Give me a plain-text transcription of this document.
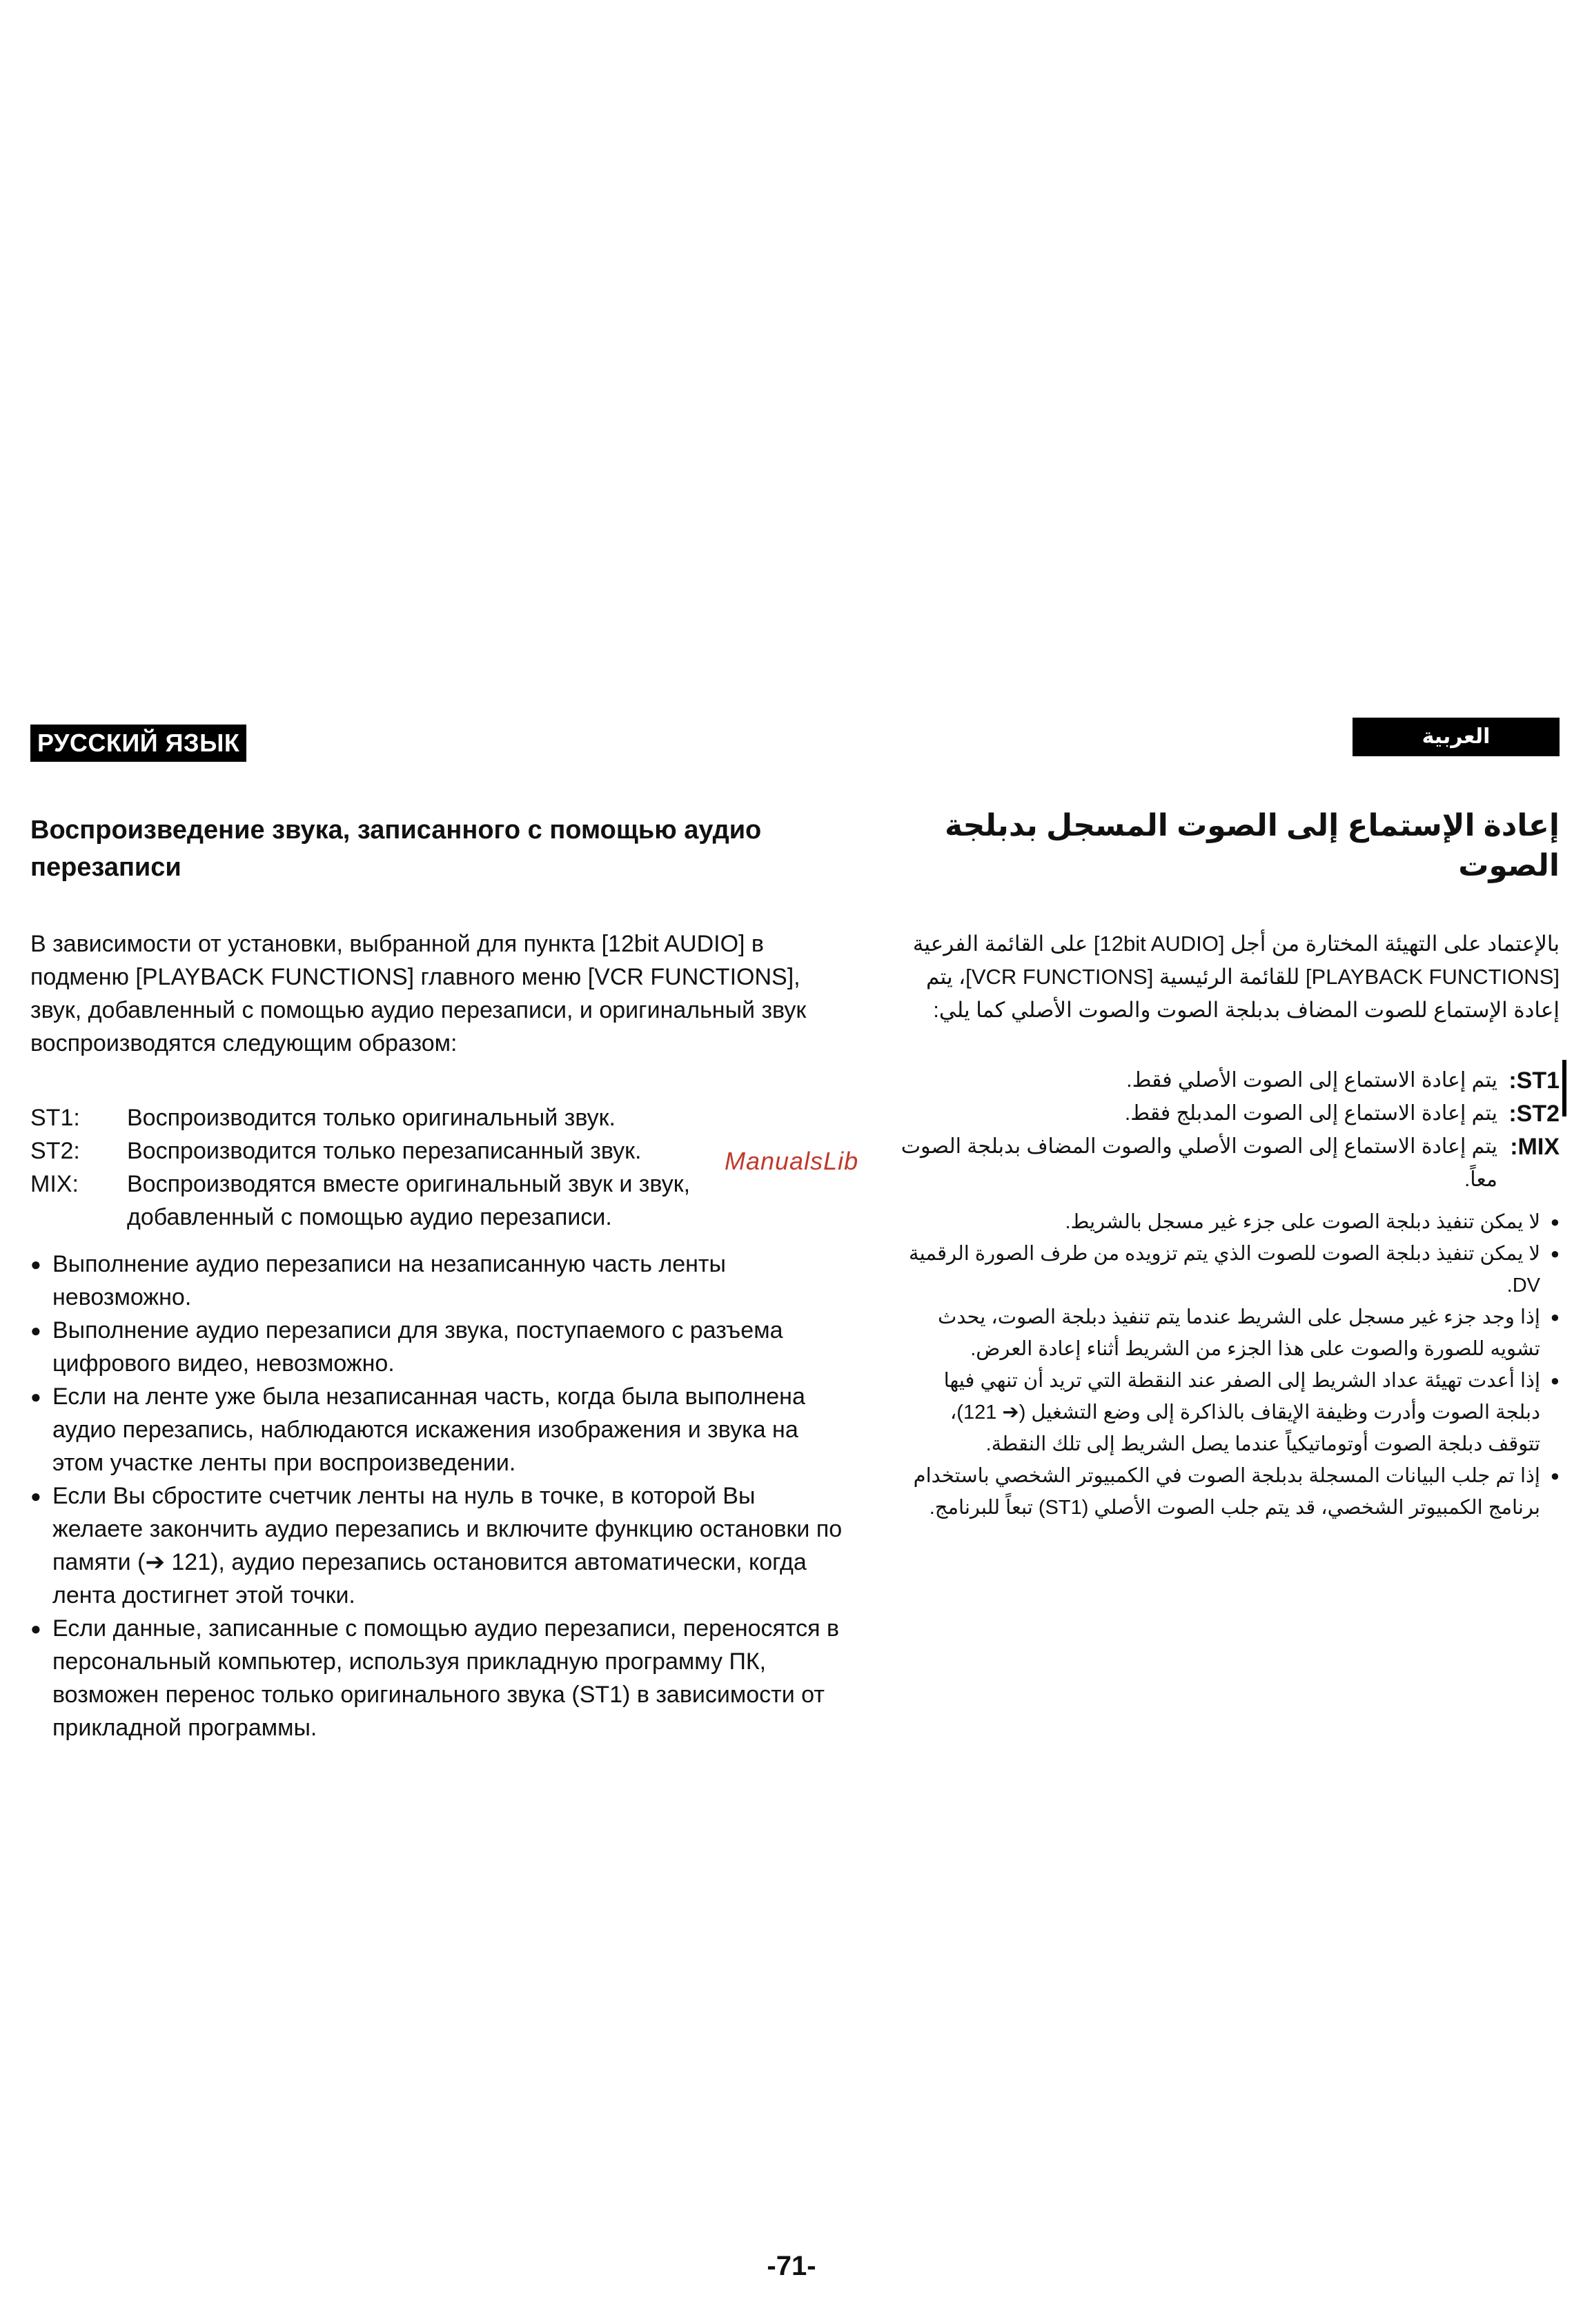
РУССКИЙ ЯЗЫК
Воспроизведение звука, записанного с помощью аудио перезаписи

В зависимости от установки, выбранной для пункта [12bit AUDIO] в подменю [PLAYBACK FUNCTIONS] главного меню [VCR FUNCTIONS], звук, добавленный с помощью аудио перезаписи, и оригинальный звук воспроизводятся следующим образом:

ST1:	Воспроизводится только оригинальный звук.
ST2:	Воспроизводится только перезаписанный звук.
MIX:	Воспроизводятся вместе оригинальный звук и звук, добавленный с помощью аудио перезаписи.
● Выполнение аудио перезаписи на незаписанную часть ленты невозможно.
● Выполнение аудио перезаписи для звука, поступаемого с разъема цифрового видео, невозможно.
● Если на ленте уже была незаписанная часть, когда была выполнена аудио перезапись, наблюдаются искажения изображения и звука на этом участке ленты при воспроизведении.
● Если Вы сбростите счетчик ленты на нуль в точке, в которой Вы желаете закончить аудио перезапись и включите функцию остановки по памяти (➔ 121), аудио перезапись остановится автоматически, когда лента достигнет этой точки.
● Если данные, записанные с помощью аудио перезаписи, переносятся в персональный компьютер, используя прикладную программу ПК, возможен перенос только оригинального звука (ST1) в зависимости от прикладной программы.
العربية
إعادة الإستماع إلى الصوت المسجل بدبلجة الصوت

بالإعتماد على التهيئة المختارة من أجل [12bit AUDIO] على القائمة الفرعية [PLAYBACK FUNCTIONS] للقائمة الرئيسية [VCR FUNCTIONS]، يتم إعادة الإستماع للصوت المضاف بدبلجة الصوت والصوت الأصلي كما يلي:

ST1:
يتم إعادة الاستماع إلى الصوت الأصلي فقط.
ST2:
يتم إعادة الاستماع إلى الصوت المدبلج فقط.
MIX:
يتم إعادة الاستماع إلى الصوت الأصلي والصوت المضاف بدبلجة الصوت معاً.
● لا يمكن تنفيذ دبلجة الصوت على جزء غير مسجل بالشريط.
● لا يمكن تنفيذ دبلجة الصوت للصوت الذي يتم تزويده من طرف الصورة الرقمية DV.
● إذا وجد جزء غير مسجل على الشريط عندما يتم تنفيذ دبلجة الصوت، يحدث تشويه للصورة والصوت على هذا الجزء من الشريط أثناء إعادة العرض.
● إذا أعدت تهيئة عداد الشريط إلى الصفر عند النقطة التي تريد أن تنهي فيها دبلجة الصوت وأدرت وظيفة الإيقاف بالذاكرة إلى وضع التشغيل (➔ 121)، تتوقف دبلجة الصوت أوتوماتيكياً عندما يصل الشريط إلى تلك النقطة.
● إذا تم جلب البيانات المسجلة بدبلجة الصوت في الكمبيوتر الشخصي باستخدام برنامج الكمبيوتر الشخصي، قد يتم جلب الصوت الأصلي (ST1) تبعاً للبرنامج.
ManualsLib
-71-
